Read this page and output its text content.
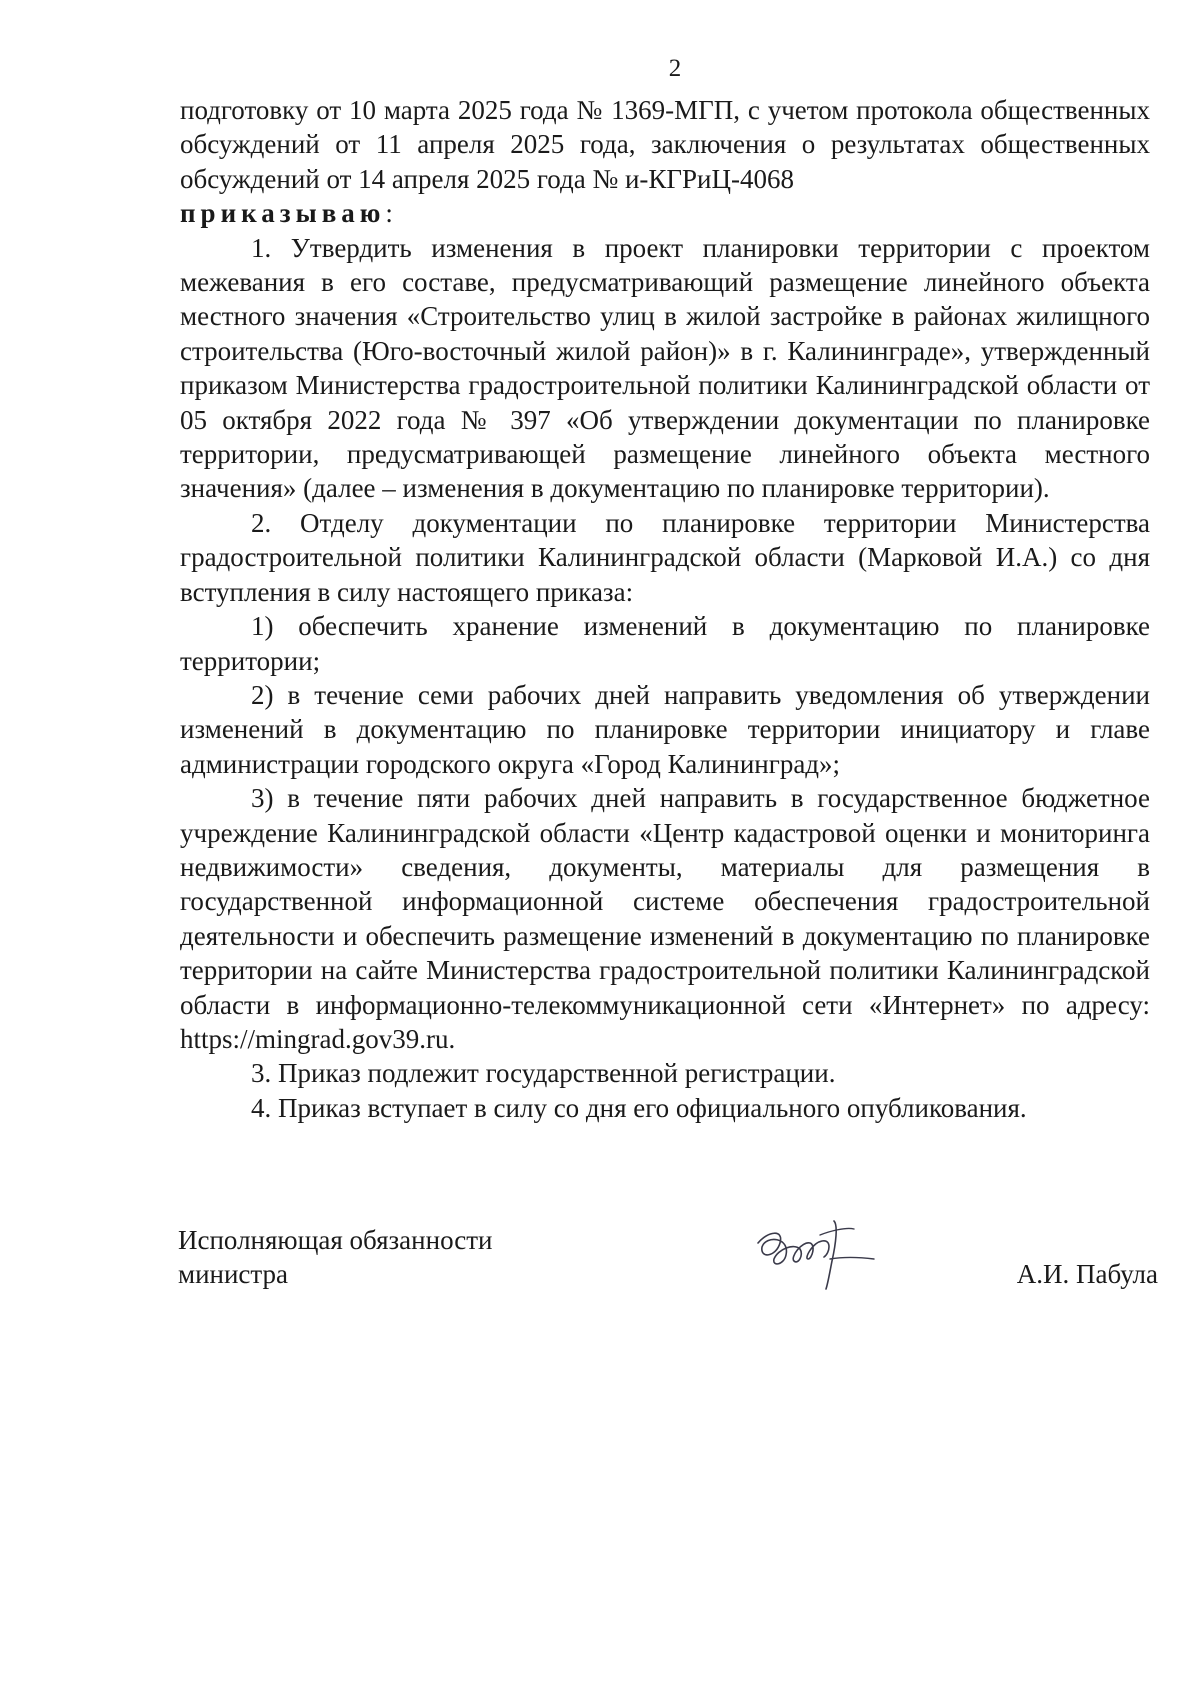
2

подготовку от 10 марта 2025 года № 1369-МГП, с учетом протокола общественных обсуждений от 11 апреля 2025 года, заключения о результатах общественных обсуждений от 14 апреля 2025 года № и-КГРиЦ-4068

приказываю:

1. Утвердить изменения в проект планировки территории с проектом межевания в его составе, предусматривающий размещение линейного объекта местного значения «Строительство улиц в жилой застройке в районах жилищного строительства (Юго-восточный жилой район)» в г. Калининграде», утвержденный приказом Министерства градостроительной политики Калининградской области от 05 октября 2022 года № 397 «Об утверждении документации по планировке территории, предусматривающей размещение линейного объекта местного значения» (далее – изменения в документацию по планировке территории).

2. Отделу документации по планировке территории Министерства градостроительной политики Калининградской области (Марковой И.А.) со дня вступления в силу настоящего приказа:

1) обеспечить хранение изменений в документацию по планировке территории;

2) в течение семи рабочих дней направить уведомления об утверждении изменений в документацию по планировке территории инициатору и главе администрации городского округа «Город Калининград»;

3) в течение пяти рабочих дней направить в государственное бюджетное учреждение Калининградской области «Центр кадастровой оценки и мониторинга недвижимости» сведения, документы, материалы для размещения в государственной информационной системе обеспечения градостроительной деятельности и обеспечить размещение изменений в документацию по планировке территории на сайте Министерства градостроительной политики Калининградской области в информационно-телекоммуникационной сети «Интернет» по адресу: https://mingrad.gov39.ru.

3. Приказ подлежит государственной регистрации.

4. Приказ вступает в силу со дня его официального опубликования.

Исполняющая обязанности
министра	А.И. Пабула
